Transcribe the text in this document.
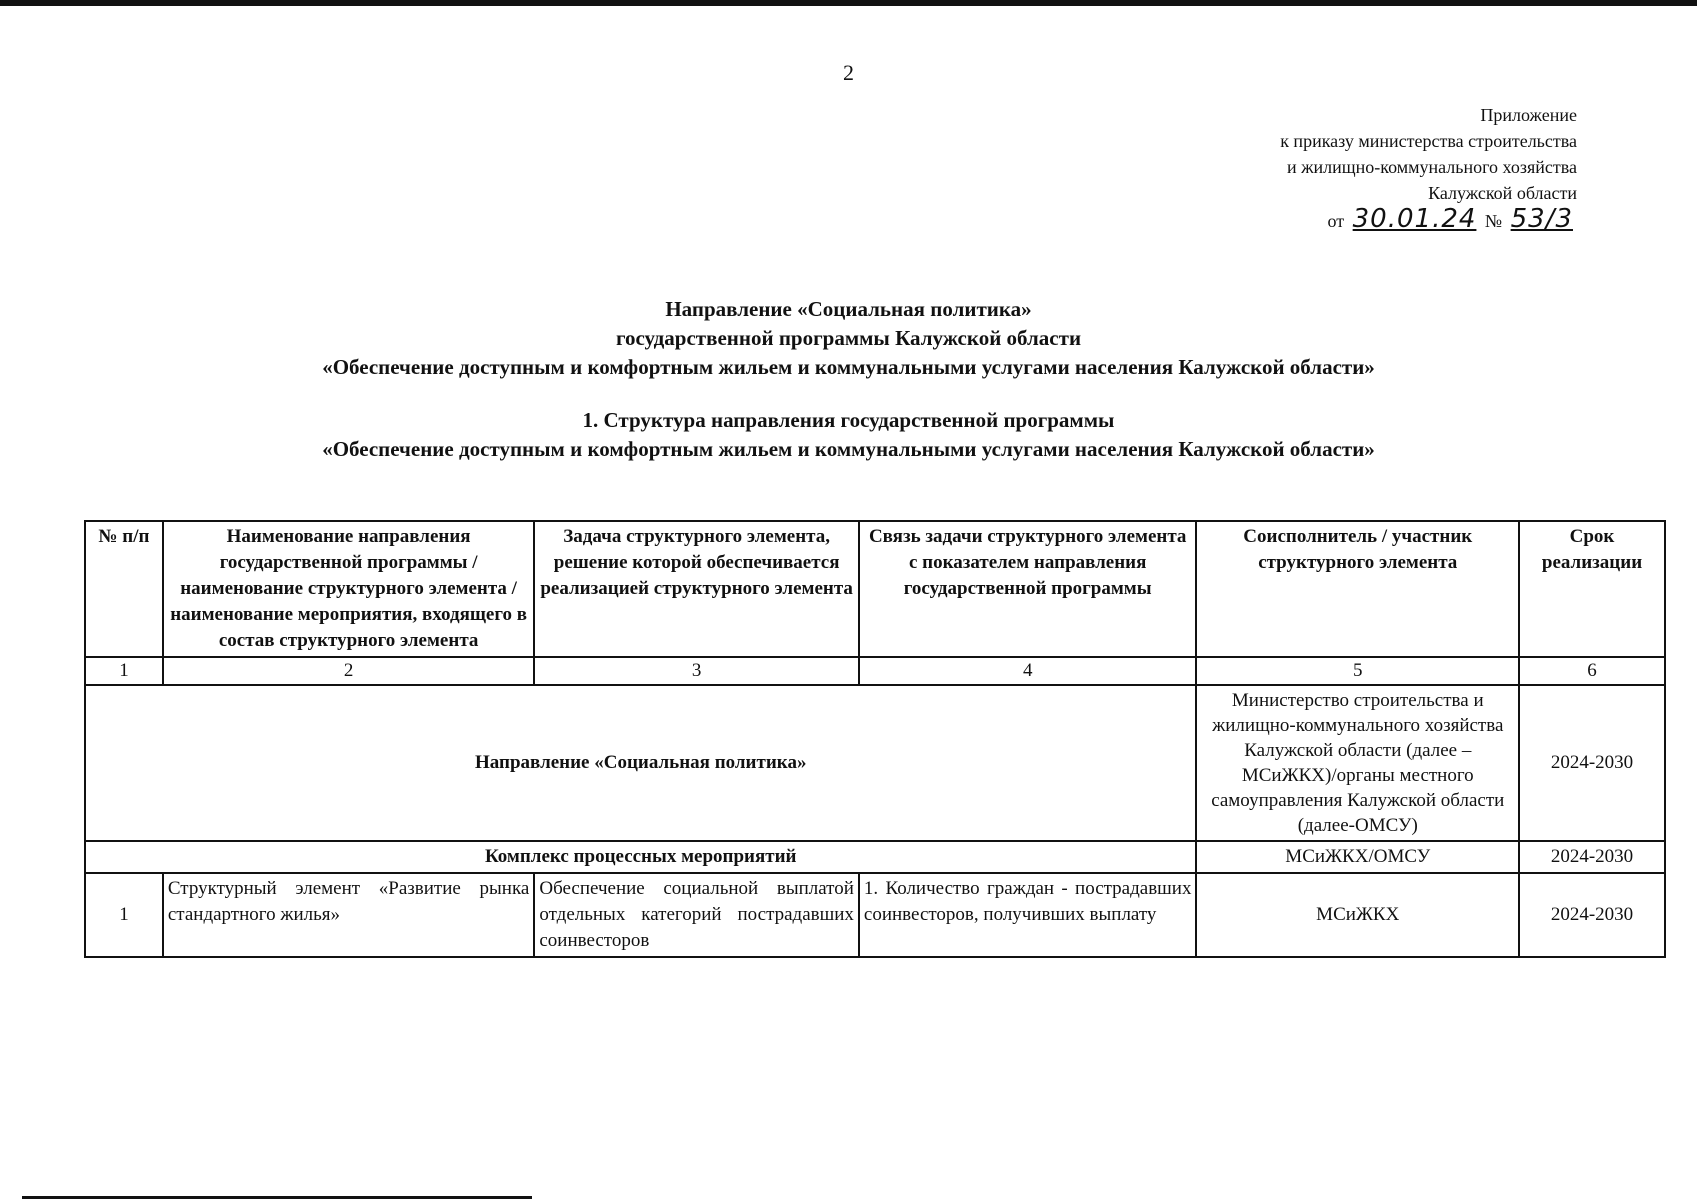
2
Приложение
к приказу министерства строительства
и жилищно-коммунального хозяйства
Калужской области
от 30.01.24 № 53/3
Направление «Социальная политика»
государственной программы Калужской области
«Обеспечение доступным и комфортным жильем и коммунальными услугами населения Калужской области»
1. Структура направления государственной программы
«Обеспечение доступным и комфортным жильем и коммунальными услугами населения Калужской области»
№ п/п	Наименование направления государственной программы / наименование структурного элемента / наименование мероприятия, входящего в состав структурного элемента	Задача структурного элемента, решение которой обеспечивается реализацией структурного элемента	Связь задачи структурного элемента с показателем направления государственной программы	Соисполнитель / участник структурного элемента	Срок реализации
1	2	3	4	5	6
Направление «Социальная политика»				Министерство строительства и жилищно-коммунального хозяйства Калужской области (далее – МСиЖКХ)/органы местного самоуправления Калужской области (далее-ОМСУ)	2024-2030
Комплекс процессных мероприятий				МСиЖКХ/ОМСУ	2024-2030
1	Структурный элемент «Развитие рынка стандартного жилья»	Обеспечение социальной выплатой отдельных категорий пострадавших соинвесторов	1. Количество граждан - пострадавших соинвесторов, получивших выплату	МСиЖКХ	2024-2030
